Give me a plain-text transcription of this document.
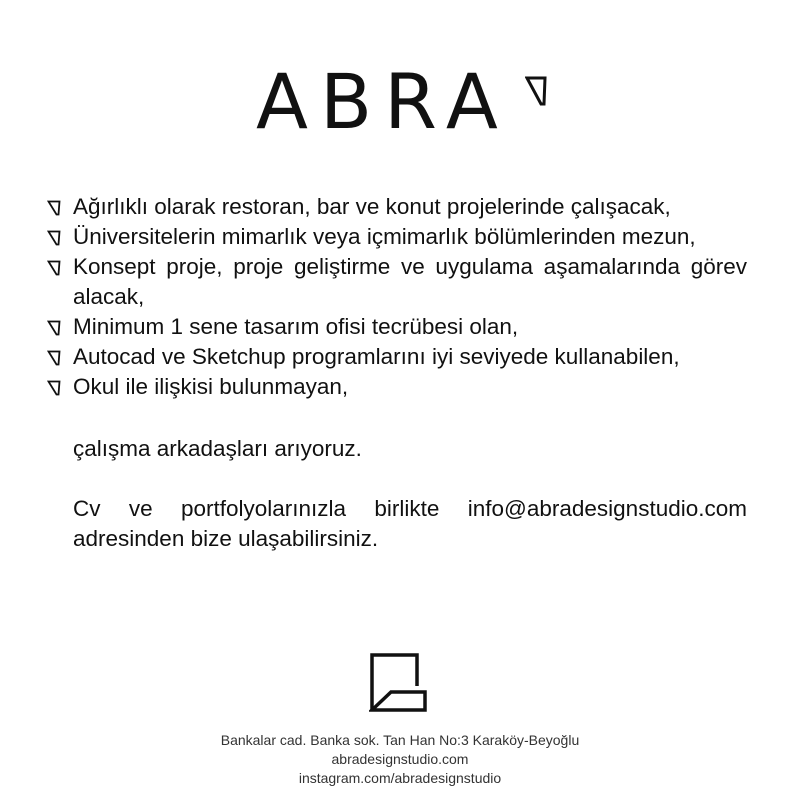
ABRA
Ağırlıklı olarak restoran, bar ve konut projelerinde çalışacak,
Üniversitelerin mimarlık veya içmimarlık bölümlerinden mezun,
Konsept proje, proje geliştirme ve uygulama aşamalarında görev alacak,
Minimum 1 sene tasarım ofisi tecrübesi olan,
Autocad ve Sketchup programlarını iyi seviyede kullanabilen,
Okul ile ilişkisi bulunmayan,

çalışma arkadaşları arıyoruz.

Cv ve portfolyolarınızla birlikte info@abradesignstudio.com adresinden bize ulaşabilirsiniz.

Bankalar cad. Banka sok. Tan Han No:3 Karaköy-Beyoğlu
abradesignstudio.com
instagram.com/abradesignstudio
